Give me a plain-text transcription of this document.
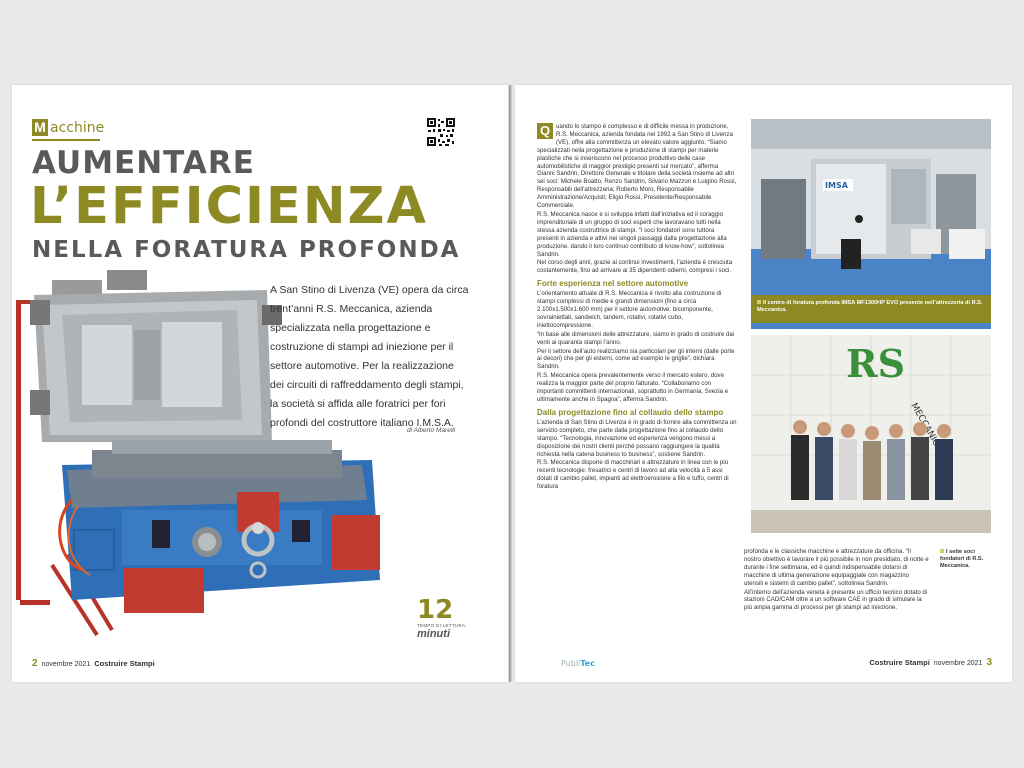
M acchine
AUMENTARE
L’EFFICIENZA
NELLA FORATURA PROFONDA
A San Stino di Livenza (VE) opera da circa trent’anni R.S. Meccanica, azienda specializzata nella progettazione e costruzione di stampi ad iniezione per il settore automotive. Per la realizzazione dei circuiti di raffreddamento degli stampi, la società si affida alle foratrici per fori profondi del costruttore italiano I.M.S.A.
di Alberto Marelli
12
TEMPO DI LETTURA:
minuti
2 novembre 2021 Costruire Stampi

Q uando lo stampo è complesso e di difficile messa in produzione, R.S. Meccanica, azienda fondata nel 1992 a San Stino di Livenza (VE), offre alla committenza un elevato valore aggiunto. “Siamo specializzati nella progettazione e produzione di stampi per materie plastiche che si inseriscono nel processo produttivo delle case automobilistiche di maggior prestigio presenti sul mercato”, afferma Gianni Sandrin, Direttore Generale e titolare della società insieme ad altri sei soci: Michele Boatto, Renzo Sandrin, Silvano Mazzon e Luigino Rossi, Responsabili dell’attrezzeria; Roberto Moro, Responsabile Amministrazione/Acquisti; Eligio Rossi, Presidente/Responsabile Commerciale.

R.S. Meccanica nasce e si sviluppa infatti dall’iniziativa ed il coraggio imprenditoriale di un gruppo di soci esperti che lavoravano tutti nella stessa azienda costruttrice di stampi. “I soci fondatori sono tuttora presenti in azienda e attivi nei singoli passaggi dalla progettazione alla produzione, dando il loro continuo contributo di know-how”, sottolinea Sandrin.

Nel corso degli anni, grazie ai continui investimenti, l’azienda è cresciuta costantemente, fino ad arrivare ai 35 dipendenti odierni, compresi i soci.

Forte esperienza nel settore automotive

L’orientamento attuale di R.S. Meccanica è rivolto alla costruzione di stampi complessi di medie e grandi dimensioni (fino a circa 2.100x1.500x1.600 mm) per il settore automotive: bicomponente, sovrainiettati, sandwich, tandem, rotativi, rotativi cubo, iniettocompressione.

“In base alle dimensioni delle attrezzature, siamo in grado di costruire dai venti ai quaranta stampi l’anno.

Per il settore dell’auto realizziamo sia particolari per gli interni (dalle porte ai decori) che per gli esterni, come ad esempio le griglie”, dichiara Sandrin.

R.S. Meccanica opera prevalentemente verso il mercato estero, dove realizza la maggior parte del proprio fatturato. “Collaboriamo con importanti committenti internazionali, soprattutto in Germania, Svezia e ultimamente anche in Spagna”, afferma Sandrin.

Dalla progettazione fino al collaudo dello stampo

L’azienda di San Stino di Livenza è in grado di fornire alla committenza un servizio completo, che parte dalla progettazione fino al collaudo dello stampo. “Tecnologia, innovazione ed esperienza vengono messi a disposizione dei nostri clienti perché possano raggiungere la qualità richiesta nella catena business to business”, sostiene Sandrin.

R.S. Meccanica dispone di macchinari e attrezzature in linea con le più recenti tecnologie: fresatrici e centri di lavoro ad alta velocità a 5 assi dotati di cambio pallet, impianti ad elettroerosione a filo e tuffo, centri di foratura

IMSA
Il centro di foratura profonda IMSA MF1300HP EVO presente nell’attrezzeria di R.S. Meccanica.
RS

profonda e le classiche macchine e attrezzature da officina. “Il nostro obiettivo è lavorare il più possibile in non presidiato, di notte e durante i fine settimana, ed è quindi indispensabile dotarsi di macchine di ultima generazione equipaggiate con magazzino utensili e sistemi di cambio pallet”, sottolinea Sandrin.

All’interno dell’azienda veneta è presente un ufficio tecnico dotato di stazioni CAD/CAM oltre a un software CAE in grado di simulare la più ampia gamma di processi per gli stampi ad iniezione.

I sette soci fondatori di R.S. Meccanica.
PubliTec	Costruire Stampi novembre 2021 3
